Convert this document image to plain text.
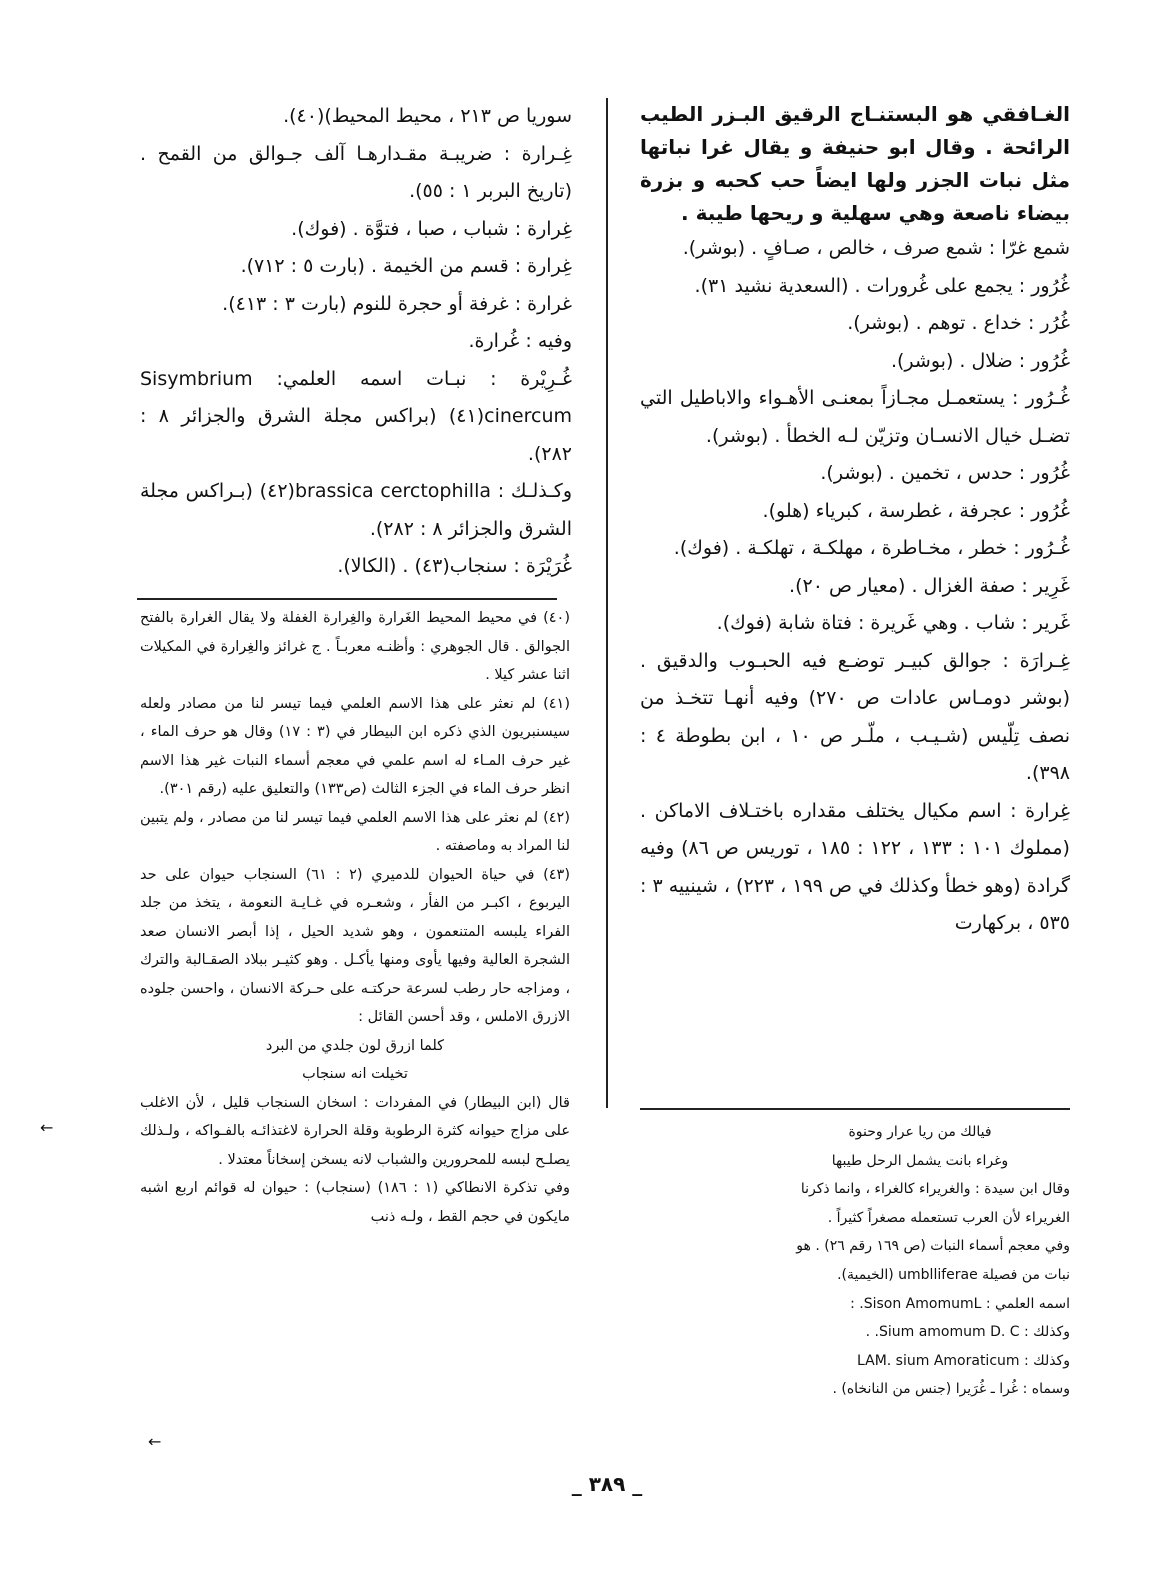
الغـافقي هو البستنـاج الرقيق البـزر الطيب الرائحة . وقال ابو حنيفة و يقال غرا نباتها مثل نبات الجزر ولها ايضاً حب كحبه و بزرة بيضاء ناصعة وهي سهلية و ريحها طيبة .

شمع غرّا : شمع صرف ، خالص ، صـافٍ . (بوشر).

غُرُور : يجمع على غُرورات . (السعدية نشيد ٣١).

غُرُر : خداع . توهم . (بوشر).

غُرُور : ضلال . (بوشر).

غُـرُور : يستعمـل مجـازاً بمعنـى الأهـواء والاباطيل التي تضـل خيال الانسـان وتزيّن لـه الخطأ . (بوشر).

غُرُور : حدس ، تخمين . (بوشر).

غُرُور : عجرفة ، غطرسة ، كبرياء (هلو).

غُـرُور : خطر ، مخـاطرة ، مهلكـة ، تهلكـة . (فوك).

غَرِير : صفة الغزال . (معيار ص ٢٠).

غَرير : شاب . وهي غَريرة : فتاة شابة (فوك).

غِـرارَة : جوالق كبيـر توضـع فيه الحبـوب والدقيق . (بوشر دومـاس عادات ص ٢٧٠) وفيه أنهـا تتخـذ من نصف تِلّيس (شـيـب ، ملّـر ص ١٠ ، ابن بطوطة ٤ : ٣٩٨).

غِرارة : اسم مكيال يختلف مقداره باختـلاف الاماكن . (مملوك ١٠١ : ١٣٣ ، ١٢٢ : ١٨٥ ، توريس ص ٨٦) وفيه گرادة (وهو خطأ وكذلك في ص ١٩٩ ، ٢٢٣) ، شينييه ٣ : ٥٣٥ ، بركهارت

سوريا ص ٢١٣ ، محيط المحيط)(٤٠).

غِـرارة : ضريبـة مقـدارهـا آلف جـوالق من القمح . (تاريخ البربر ١ : ٥٥).

غِرارة : شباب ، صبا ، فتوَّة . (فوك).

غِرارة : قسم من الخيمة . (بارت ٥ : ٧١٢).

غرارة : غرفة أو حجرة للنوم (بارت ٣ : ٤١٣).

وفيه : غُرارة.

غُـرِيْرة : نبـات اسمه العلمي: Sisymbrium cinercum(٤١) (براكس مجلة الشرق والجزائر ٨ : ٢٨٢).

وكـذلـك : brassica cerctophilla(٤٢) (بـراكس مجلة الشرق والجزائر ٨ : ٢٨٢).

غُرَيْرَة : سنجاب(٤٣) . (الكالا).

(٤٠) في محيط المحيط الغَرارة والغِرارة الغفلة ولا يقال الغرارة بالفتح الجوالق . قال الجوهري : وأظنـه معربـاً . ج غرائز والغِرارة في المكيلات اثنا عشر كيلا .

(٤١) لم نعثر على هذا الاسم العلمي فيما تيسر لنا من مصادر ولعله سيسنبريون الذي ذكره ابن البيطار في (٣ : ١٧) وقال هو حرف الماء ، غير حرف المـاء له اسم علمي في معجم أسماء النبات غير هذا الاسم انظر حرف الماء في الجزء الثالث (ص١٣٣) والتعليق عليه (رقم ٣٠١).

(٤٢) لم نعثر على هذا الاسم العلمي فيما تيسر لنا من مصادر ، ولم يتبين لنا المراد به وماصفته .

(٤٣) في حياة الحيوان للدميري (٢ : ٦١) السنجاب حيوان على حد اليربوع ، اكبـر من الفأر ، وشعـره في غـايـة النعومة ، يتخذ من جلد الفراء يلبسه المتنعمون ، وهو شديد الحيل ، إذا أبصر الانسان صعد الشجرة العالية وفيها يأوى ومنها يأكـل . وهو كثيـر ببلاد الصقـالبة والترك ، ومزاجه حار رطب لسرعة حركتـه على حـركة الانسان ، واحسن جلوده الازرق الاملس ، وقد أحسن القائل :

كلما ازرق لون جلدي من البرد

تخيلت انه سنجاب

قال (ابن البيطار) في المفردات : اسخان السنجاب قليل ، لأن الاغلب على مزاج حيوانه كثرة الرطوبة وقلة الحرارة لاغتذائـه بالفـواكه ، ولـذلك يصلـح لبسه للمحرورين والشباب لانه يسخن إسخاناً معتدلا .

وفي تذكرة الانطاكي (١ : ١٨٦) (سنجاب) : حيوان له قوائم اربع اشبه مايكون في حجم القط ، ولـه ذنب

←
←	فيالك من ريا عرار وحنوة

وغراء بانت يشمل الرحل طيبها

وقال ابن سيدة : والغريراء كالغراء ، وانما ذكرنا الغريراء لأن العرب تستعمله مصغراً كثيراً .

وفي معجم أسماء النبات (ص ١٦٩ رقم ٢٦) . هو نبات من فصيلة umblliferae (الخيمية).

اسمه العلمي : Sison AmomumL. :

وكذلك : Sium amomum D. C. .

وكذلك : LAM. sium Amoraticum

وسماه : غُرا ـ غُرَيرا (جنس من النانخاه) .

_ ٣٨٩ _
